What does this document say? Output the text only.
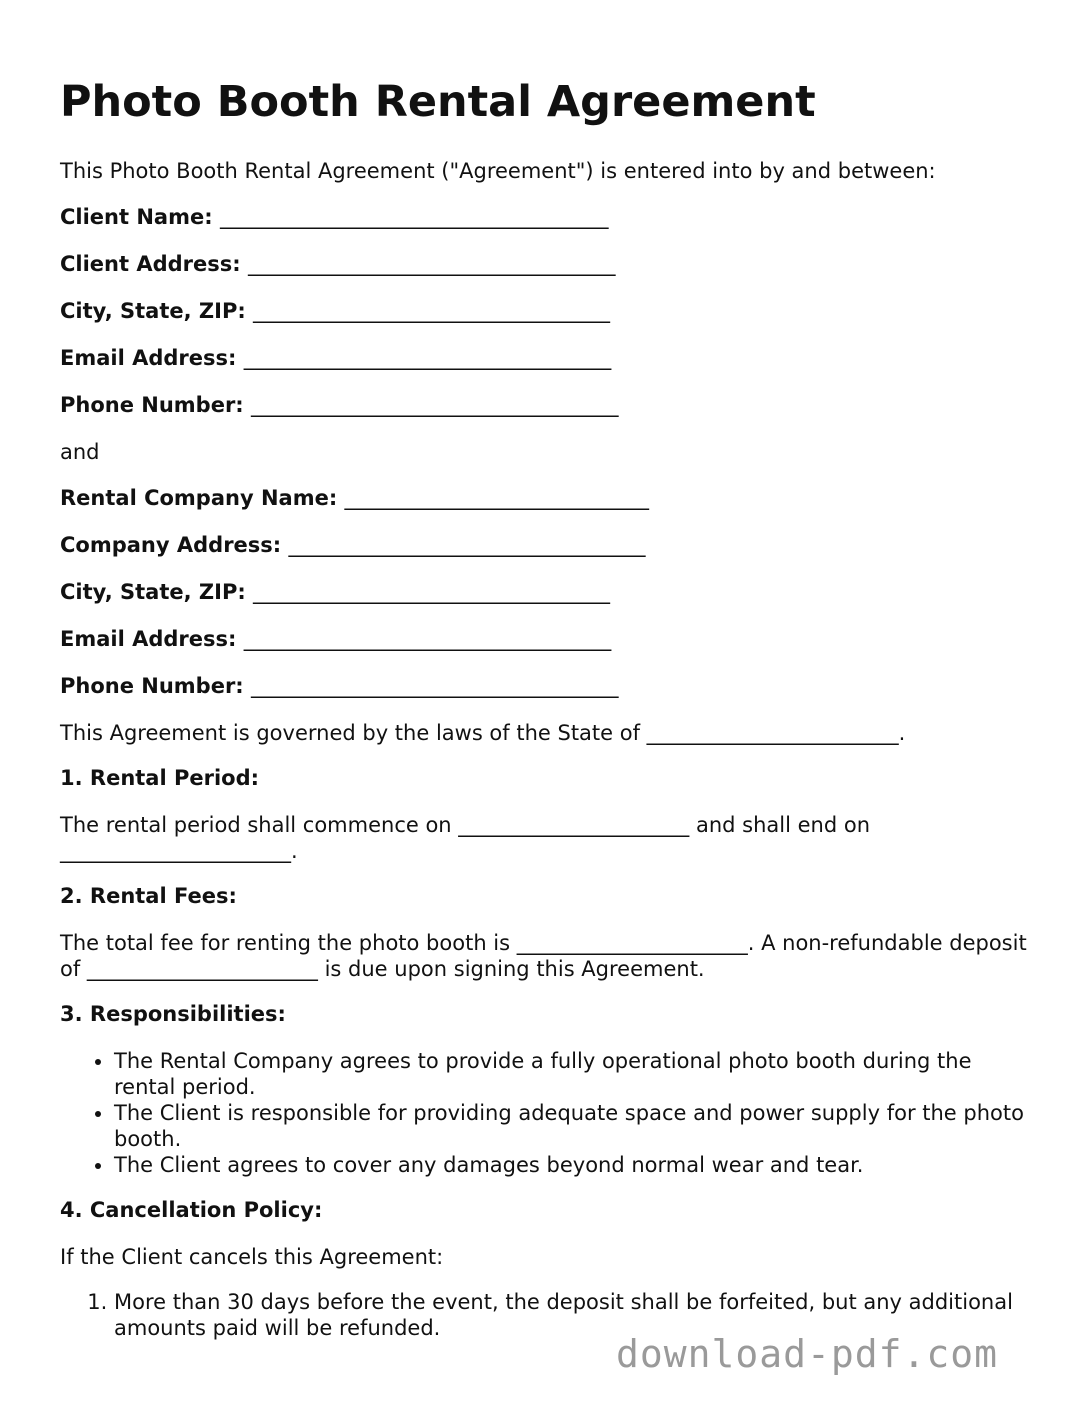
Photo Booth Rental Agreement

This Photo Booth Rental Agreement ("Agreement") is entered into by and between:

Client Name: _____________________________________

Client Address: ___________________________________

City, State, ZIP: __________________________________

Email Address: ___________________________________

Phone Number: ___________________________________

and

Rental Company Name: _____________________________

Company Address: __________________________________

City, State, ZIP: __________________________________

Email Address: ___________________________________

Phone Number: ___________________________________

This Agreement is governed by the laws of the State of ________________________.

1. Rental Period:

The rental period shall commence on ______________________ and shall end on ______________________.

2. Rental Fees:

The total fee for renting the photo booth is ______________________. A non-refundable deposit of ______________________ is due upon signing this Agreement.

3. Responsibilities:
• The Rental Company agrees to provide a fully operational photo booth during the rental period.
• The Client is responsible for providing adequate space and power supply for the photo booth.
• The Client agrees to cover any damages beyond normal wear and tear.
4. Cancellation Policy:

If the Client cancels this Agreement:

1. More than 30 days before the event, the deposit shall be forfeited, but any additional amounts paid will be refunded.
download-pdf.com
